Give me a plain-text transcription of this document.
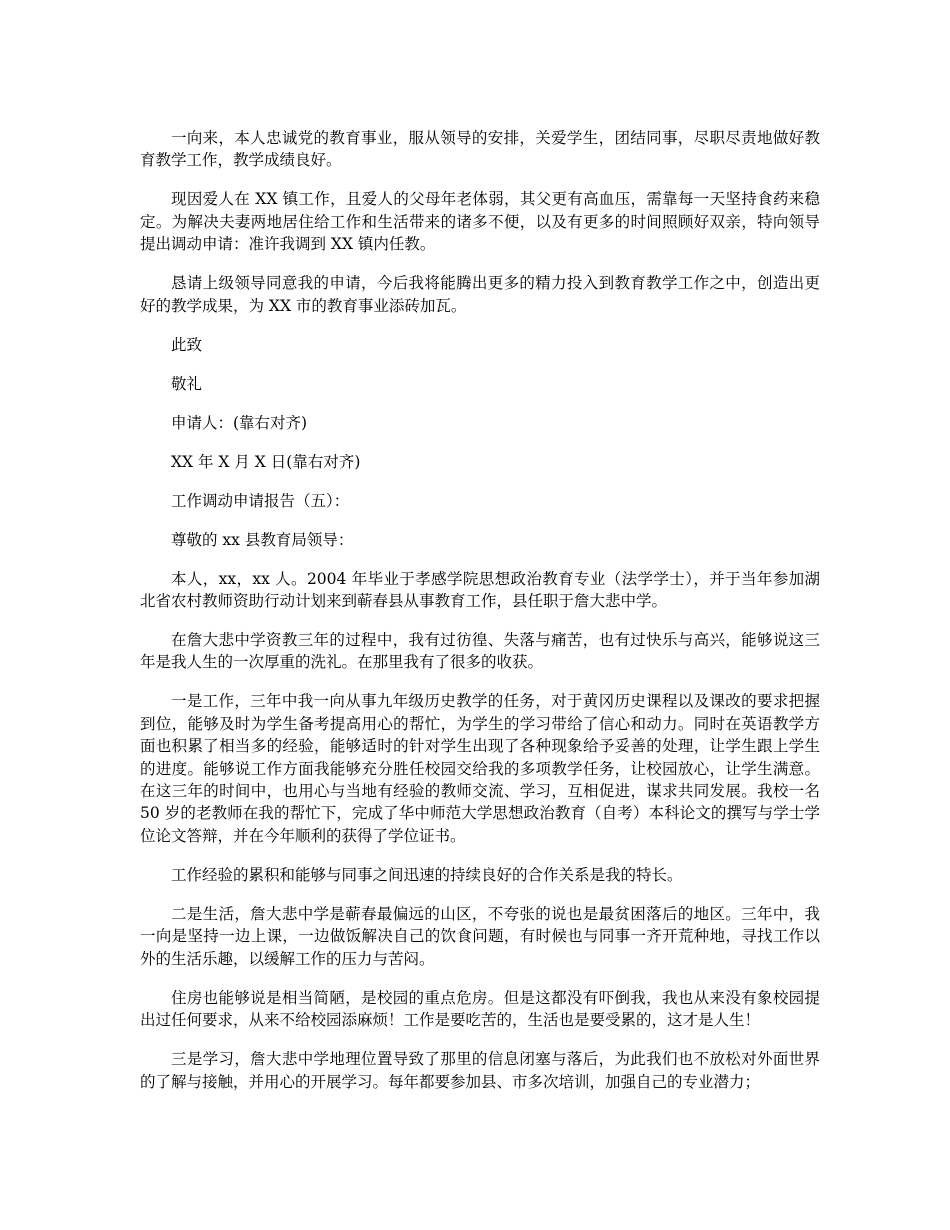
一向来，本人忠诚党的教育事业，服从领导的安排，关爱学生，团结同事，尽职尽责地做好教育教学工作，教学成绩良好。

现因爱人在 XX 镇工作，且爱人的父母年老体弱，其父更有高血压，需靠每一天坚持食药来稳定。为解决夫妻两地居住给工作和生活带来的诸多不便，以及有更多的时间照顾好双亲，特向领导提出调动申请：准许我调到 XX 镇内任教。

恳请上级领导同意我的申请，今后我将能腾出更多的精力投入到教育教学工作之中，创造出更好的教学成果，为 XX 市的教育事业添砖加瓦。

此致

敬礼

申请人：(靠右对齐)

XX 年 X 月 X 日(靠右对齐)

工作调动申请报告（五）：

尊敬的 xx 县教育局领导：

本人，xx，xx 人。2004 年毕业于孝感学院思想政治教育专业（法学学士），并于当年参加湖北省农村教师资助行动计划来到蕲春县从事教育工作，县任职于詹大悲中学。

在詹大悲中学资教三年的过程中，我有过彷徨、失落与痛苦，也有过快乐与高兴，能够说这三年是我人生的一次厚重的洗礼。在那里我有了很多的收获。

一是工作，三年中我一向从事九年级历史教学的任务，对于黄冈历史课程以及课改的要求把握到位，能够及时为学生备考提高用心的帮忙，为学生的学习带给了信心和动力。同时在英语教学方面也积累了相当多的经验，能够适时的针对学生出现了各种现象给予妥善的处理，让学生跟上学生的进度。能够说工作方面我能够充分胜任校园交给我的多项教学任务，让校园放心，让学生满意。在这三年的时间中，也用心与当地有经验的教师交流、学习，互相促进，谋求共同发展。我校一名 50 岁的老教师在我的帮忙下，完成了华中师范大学思想政治教育（自考）本科论文的撰写与学士学位论文答辩，并在今年顺利的获得了学位证书。

工作经验的累积和能够与同事之间迅速的持续良好的合作关系是我的特长。

二是生活，詹大悲中学是蕲春最偏远的山区，不夸张的说也是最贫困落后的地区。三年中，我一向是坚持一边上课，一边做饭解决自己的饮食问题，有时候也与同事一齐开荒种地，寻找工作以外的生活乐趣，以缓解工作的压力与苦闷。

住房也能够说是相当简陋，是校园的重点危房。但是这都没有吓倒我，我也从来没有象校园提出过任何要求，从来不给校园添麻烦！工作是要吃苦的，生活也是要受累的，这才是人生！

三是学习，詹大悲中学地理位置导致了那里的信息闭塞与落后，为此我们也不放松对外面世界的了解与接触，并用心的开展学习。每年都要参加县、市多次培训，加强自己的专业潜力；
